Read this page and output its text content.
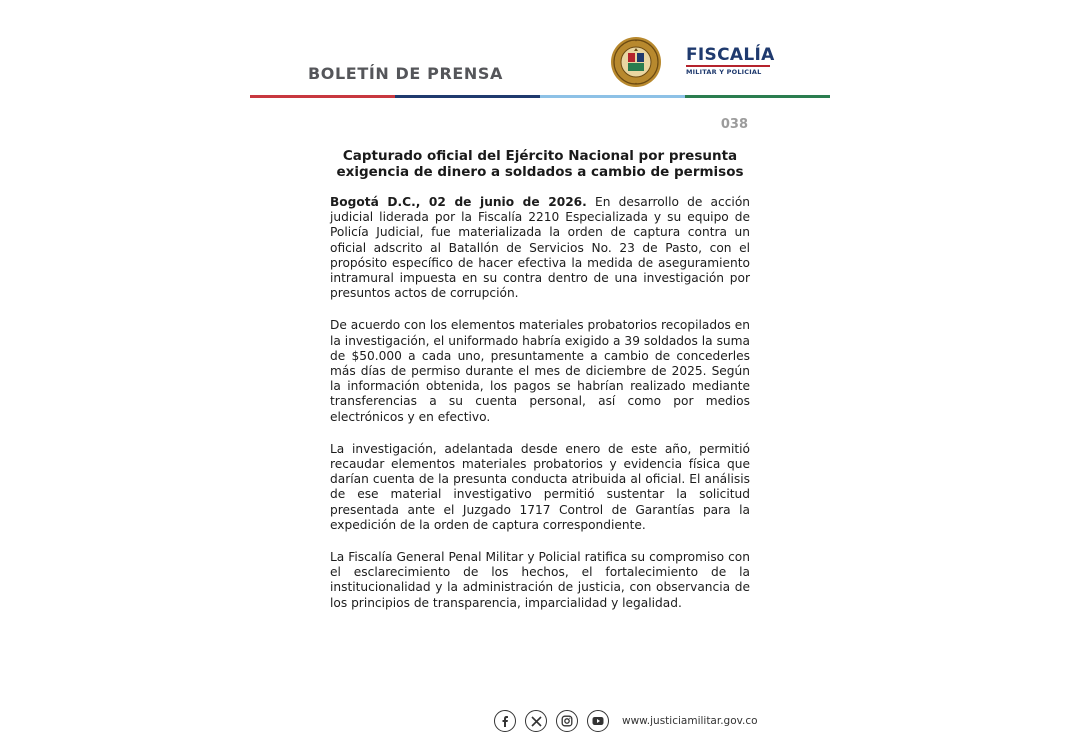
BOLETÍN DE PRENSA
FISCALÍA
MILITAR Y POLICIAL
038
Capturado oficial del Ejército Nacional por presunta exigencia de dinero a soldados a cambio de permisos

Bogotá D.C., 02 de junio de 2026. En desarrollo de acción judicial liderada por la Fiscalía 2210 Especializada y su equipo de Policía Judicial, fue materializada la orden de captura contra un oficial adscrito al Batallón de Servicios No. 23 de Pasto, con el propósito específico de hacer efectiva la medida de aseguramiento intramural impuesta en su contra dentro de una investigación por presuntos actos de corrupción.

De acuerdo con los elementos materiales probatorios recopilados en la investigación, el uniformado habría exigido a 39 soldados la suma de $50.000 a cada uno, presuntamente a cambio de concederles más días de permiso durante el mes de diciembre de 2025. Según la información obtenida, los pagos se habrían realizado mediante transferencias a su cuenta personal, así como por medios electrónicos y en efectivo.

La investigación, adelantada desde enero de este año, permitió recaudar elementos materiales probatorios y evidencia física que darían cuenta de la presunta conducta atribuida al oficial. El análisis de ese material investigativo permitió sustentar la solicitud presentada ante el Juzgado 1717 Control de Garantías para la expedición de la orden de captura correspondiente.

La Fiscalía General Penal Militar y Policial ratifica su compromiso con el esclarecimiento de los hechos, el fortalecimiento de la institucionalidad y la administración de justicia, con observancia de los principios de transparencia, imparcialidad y legalidad.

www.justiciamilitar.gov.co
